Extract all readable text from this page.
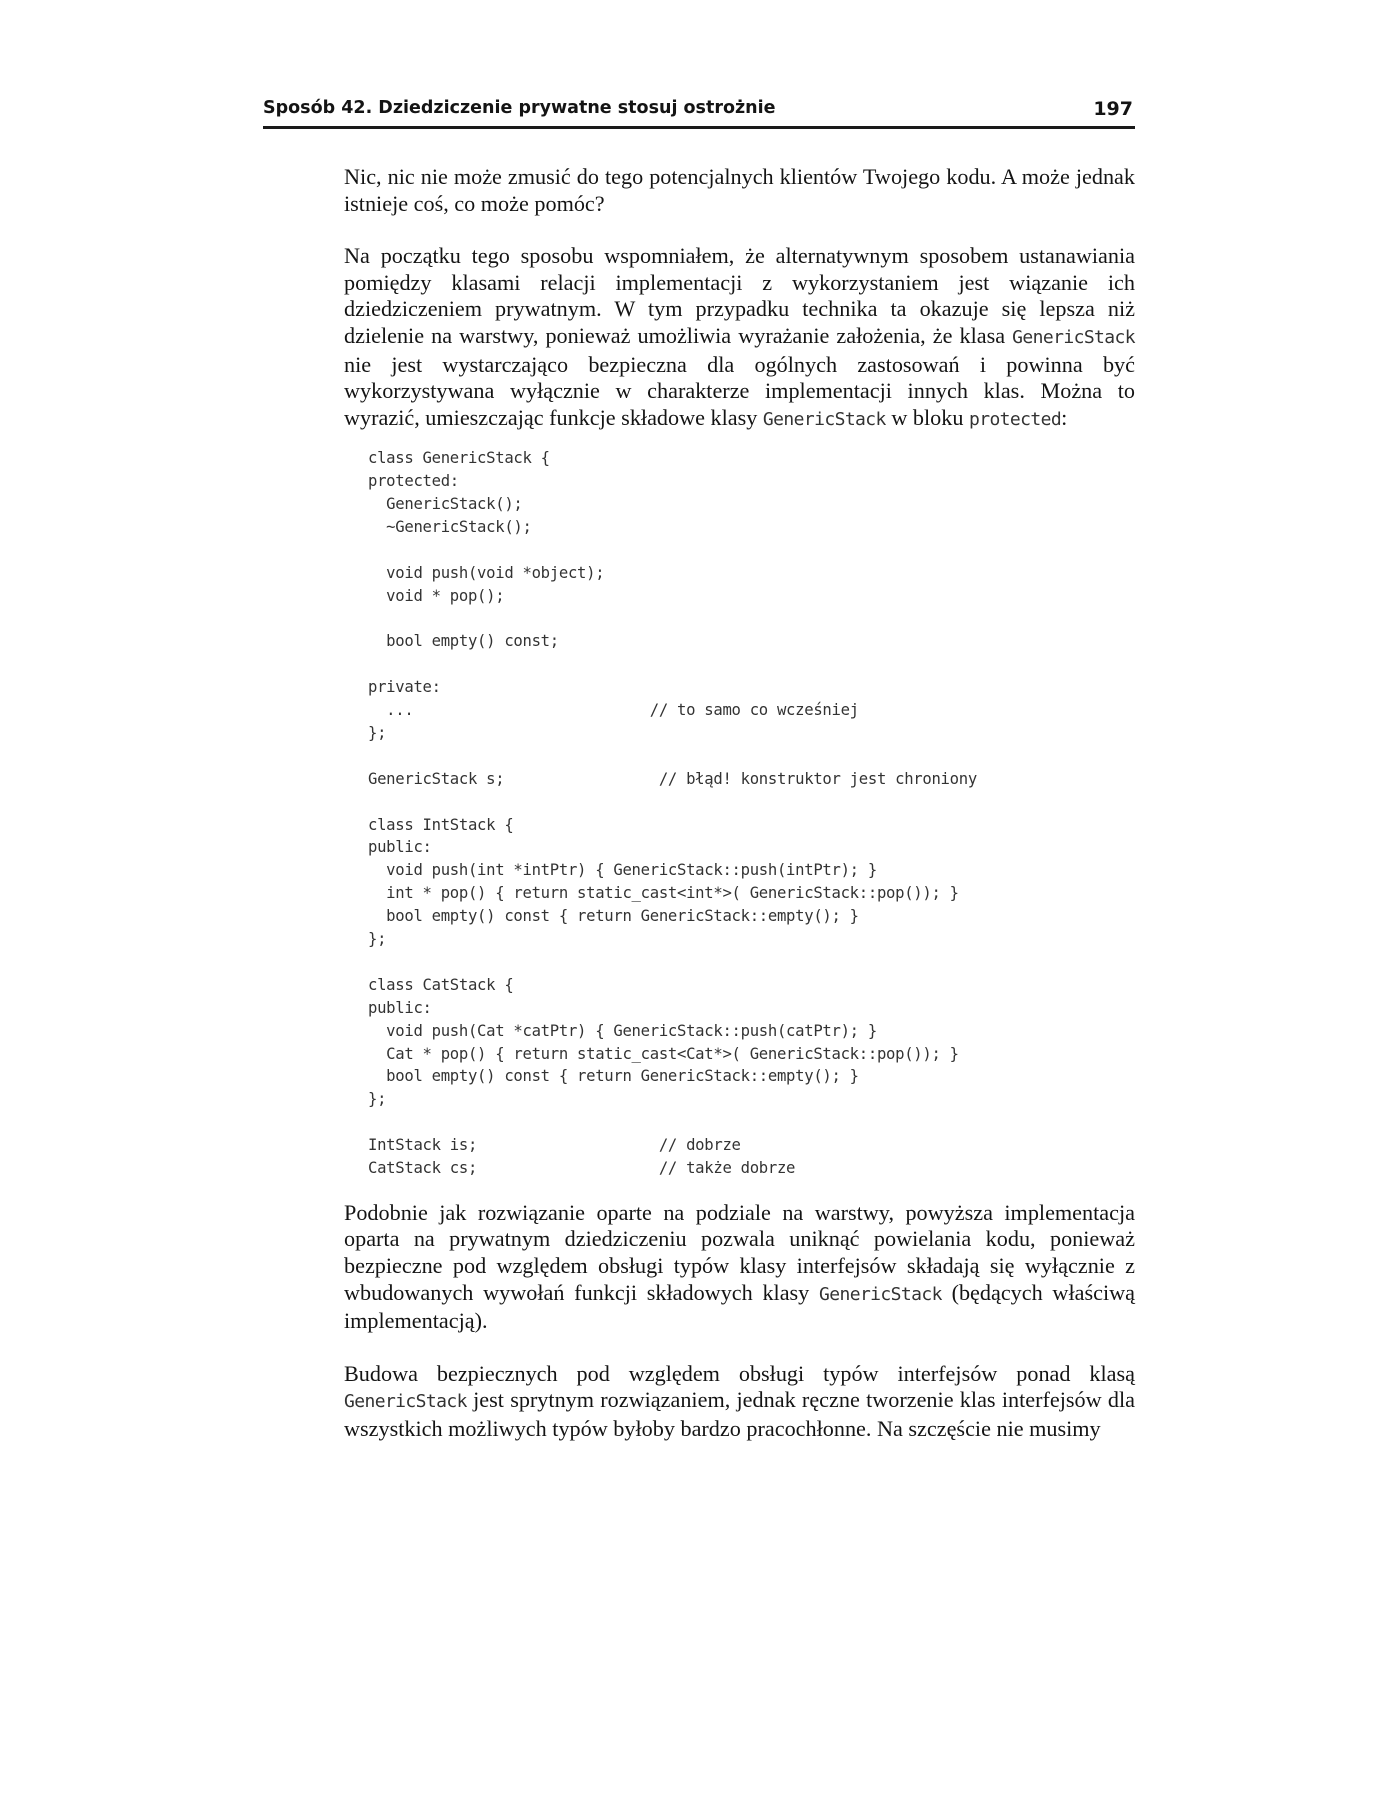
Sposób 42. Dziedziczenie prywatne stosuj ostrożnie	197

Nic, nic nie może zmusić do tego potencjalnych klientów Twojego kodu. A może jednak istnieje coś, co może pomóc?

Na początku tego sposobu wspomniałem, że alternatywnym sposobem ustanawiania pomiędzy klasami relacji implementacji z wykorzystaniem jest wiązanie ich dziedziczeniem prywatnym. W tym przypadku technika ta okazuje się lepsza niż dzielenie na warstwy, ponieważ umożliwia wyrażanie założenia, że klasa GenericStack nie jest wystarczająco bezpieczna dla ogólnych zastosowań i powinna być wykorzystywana wyłącznie w charakterze implementacji innych klas. Można to wyrazić, umieszczając funkcje składowe klasy GenericStack w bloku protected:

class GenericStack {
protected:
GenericStack();
~GenericStack();
void push(void *object);
void * pop();
bool empty() const;
private:
...                          // to samo co wcześniej
};
GenericStack s;                 // błąd! konstruktor jest chroniony
class IntStack {
public:
void push(int *intPtr) { GenericStack::push(intPtr); }
int * pop() { return static_cast<int*>( GenericStack::pop()); }
bool empty() const { return GenericStack::empty(); }
};
class CatStack {
public:
void push(Cat *catPtr) { GenericStack::push(catPtr); }
Cat * pop() { return static_cast<Cat*>( GenericStack::pop()); }
bool empty() const { return GenericStack::empty(); }
};
IntStack is;                    // dobrze
CatStack cs;                    // także dobrze

Podobnie jak rozwiązanie oparte na podziale na warstwy, powyższa implementacja oparta na prywatnym dziedziczeniu pozwala uniknąć powielania kodu, ponieważ bezpieczne pod względem obsługi typów klasy interfejsów składają się wyłącznie z wbudowanych wywołań funkcji składowych klasy GenericStack (będących właściwą implementacją).

Budowa bezpiecznych pod względem obsługi typów interfejsów ponad klasą GenericStack jest sprytnym rozwiązaniem, jednak ręczne tworzenie klas interfejsów dla wszystkich możliwych typów byłoby bardzo pracochłonne. Na szczęście nie musimy
